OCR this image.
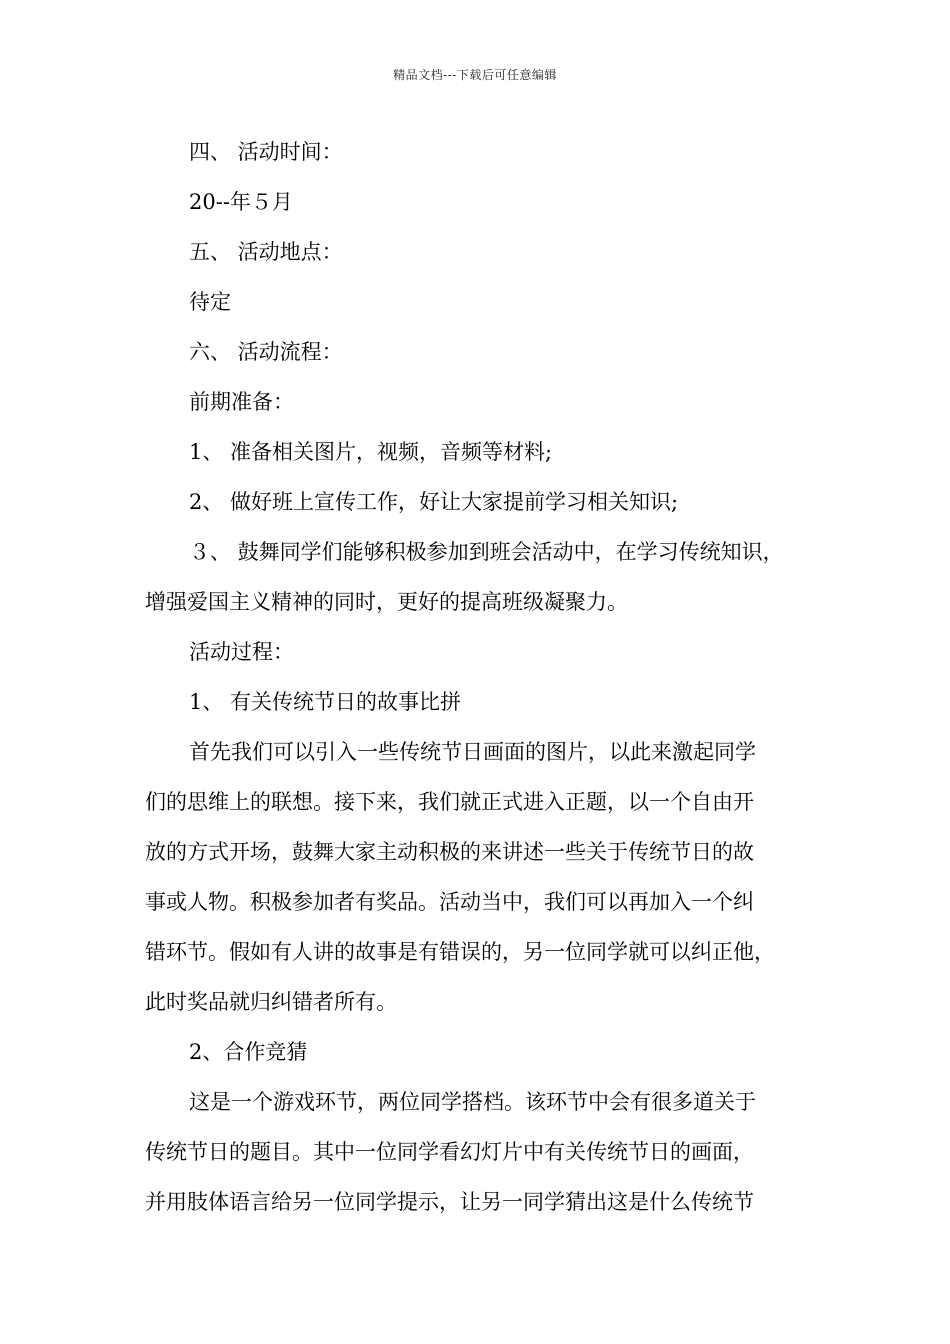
精品文档---下载后可任意编辑
四、 活动时间：
20--年５月
五、 活动地点：
待定
六、 活动流程：
前期准备：
1、 准备相关图片，视频，音频等材料;
2、 做好班上宣传工作，好让大家提前学习相关知识;
３、 鼓舞同学们能够积极参加到班会活动中，在学习传统知识，
增强爱国主义精神的同时，更好的提高班级凝聚力。
活动过程：
1、 有关传统节日的故事比拼
首先我们可以引入一些传统节日画面的图片，以此来激起同学
们的思维上的联想。接下来，我们就正式进入正题，以一个自由开
放的方式开场，鼓舞大家主动积极的来讲述一些关于传统节日的故
事或人物。积极参加者有奖品。活动当中，我们可以再加入一个纠
错环节。假如有人讲的故事是有错误的，另一位同学就可以纠正他，
此时奖品就归纠错者所有。
2、合作竞猜
这是一个游戏环节，两位同学搭档。该环节中会有很多道关于
传统节日的题目。其中一位同学看幻灯片中有关传统节日的画面，
并用肢体语言给另一位同学提示，让另一同学猜出这是什么传统节
